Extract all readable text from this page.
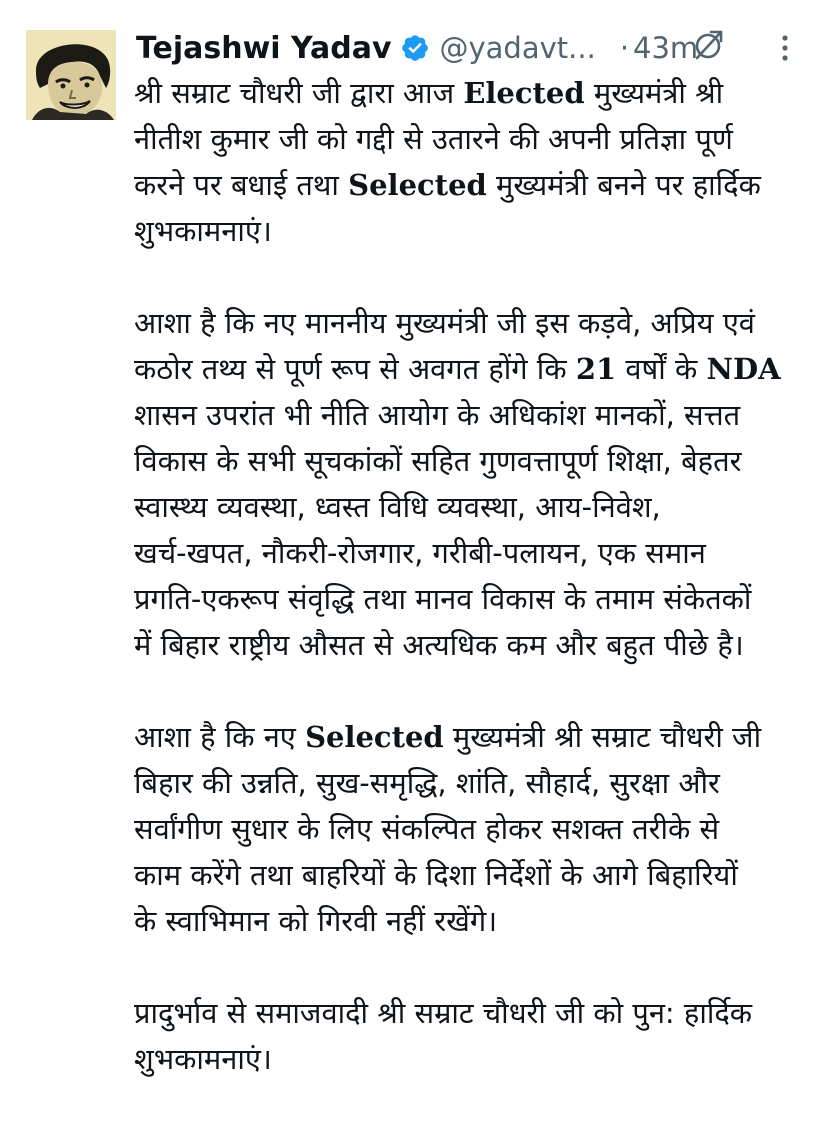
Tejashwi Yadav @yadavt... · 43m
श्री सम्राट चौधरी जी द्वारा आज Elected मुख्यमंत्री श्री
नीतीश कुमार जी को गद्दी से उतारने की अपनी प्रतिज्ञा पूर्ण
करने पर बधाई तथा Selected मुख्यमंत्री बनने पर हार्दिक
शुभकामनाएं।
आशा है कि नए माननीय मुख्यमंत्री जी इस कड़वे, अप्रिय एवं
कठोर तथ्य से पूर्ण रूप से अवगत होंगे कि 21 वर्षों के NDA
शासन उपरांत भी नीति आयोग के अधिकांश मानकों, सत्तत
विकास के सभी सूचकांकों सहित गुणवत्तापूर्ण शिक्षा, बेहतर
स्वास्थ्य व्यवस्था, ध्वस्त विधि व्यवस्था, आय-निवेश,
खर्च-खपत, नौकरी-रोजगार, गरीबी-पलायन, एक समान
प्रगति-एकरूप संवृद्धि तथा मानव विकास के तमाम संकेतकों
में बिहार राष्ट्रीय औसत से अत्यधिक कम और बहुत पीछे है।
आशा है कि नए Selected मुख्यमंत्री श्री सम्राट चौधरी जी
बिहार की उन्नति, सुख-समृद्धि, शांति, सौहार्द, सुरक्षा और
सर्वांगीण सुधार के लिए संकल्पित होकर सशक्त तरीके से
काम करेंगे तथा बाहरियों के दिशा निर्देशों के आगे बिहारियों
के स्वाभिमान को गिरवी नहीं रखेंगे।
प्रादुर्भाव से समाजवादी श्री सम्राट चौधरी जी को पुन: हार्दिक
शुभकामनाएं।
